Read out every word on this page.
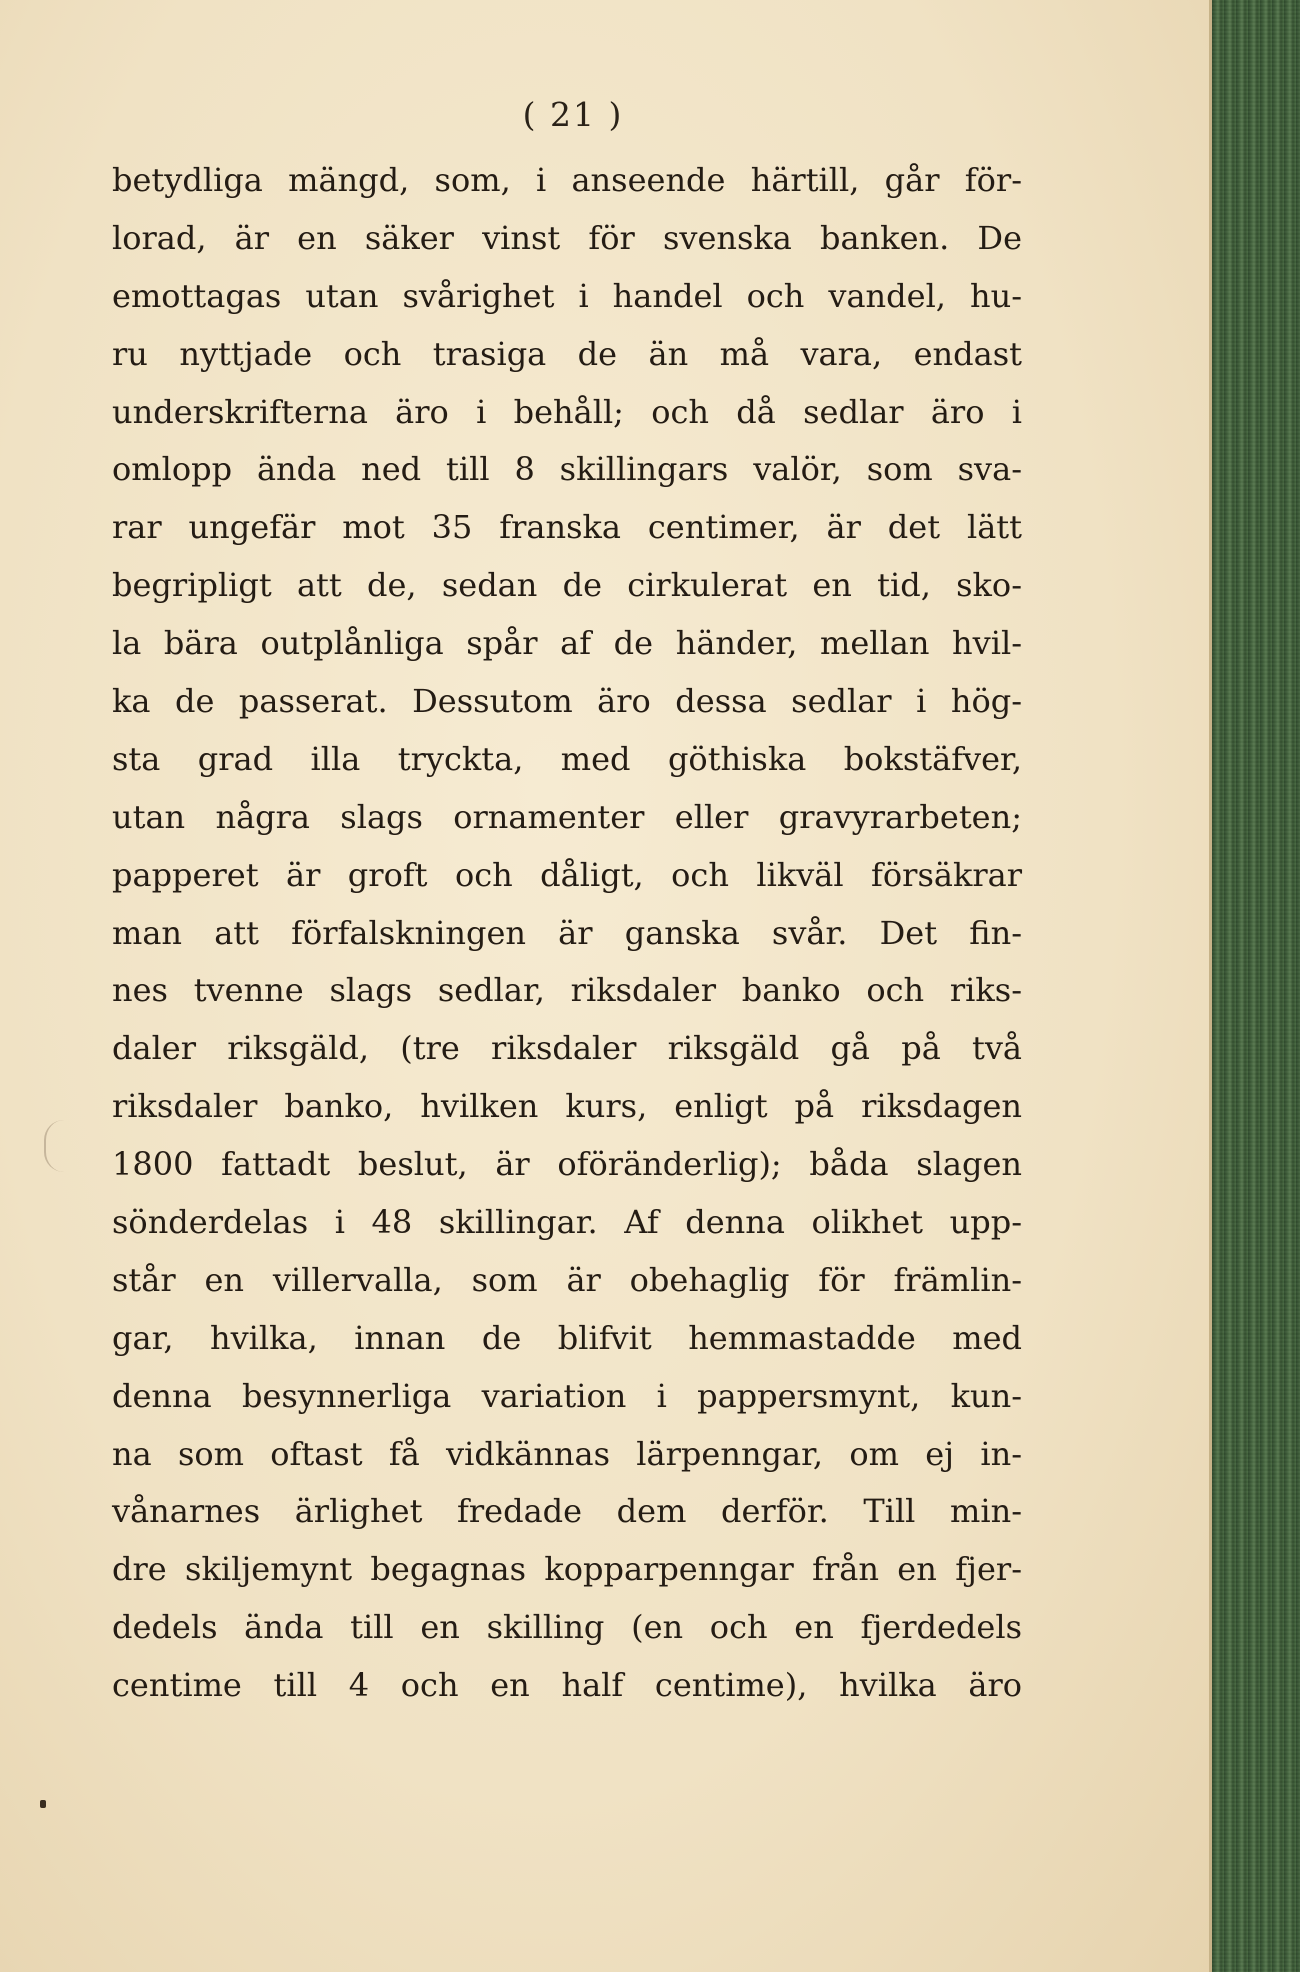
( 21 )
betydliga mängd, som, i anseende härtill, går för-
lorad, är en säker vinst för svenska banken. De
emottagas utan svårighet i handel och vandel, hu-
ru nyttjade och trasiga de än må vara, endast
underskrifterna äro i behåll; och då sedlar äro i
omlopp ända ned till 8 skillingars valör, som sva-
rar ungefär mot 35 franska centimer, är det lätt
begripligt att de, sedan de cirkulerat en tid, sko-
la bära outplånliga spår af de händer, mellan hvil-
ka de passerat. Dessutom äro dessa sedlar i hög-
sta grad illa tryckta, med göthiska bokstäfver,
utan några slags ornamenter eller gravyrarbeten;
papperet är groft och dåligt, och likväl försäkrar
man att förfalskningen är ganska svår. Det fin-
nes tvenne slags sedlar, riksdaler banko och riks-
daler riksgäld, (tre riksdaler riksgäld gå på två
riksdaler banko, hvilken kurs, enligt på riksdagen
1800 fattadt beslut, är oföränderlig); båda slagen
sönderdelas i 48 skillingar. Af denna olikhet upp-
står en villervalla, som är obehaglig för främlin-
gar, hvilka, innan de blifvit hemmastadde med
denna besynnerliga variation i pappersmynt, kun-
na som oftast få vidkännas lärpenngar, om ej in-
vånarnes ärlighet fredade dem derför. Till min-
dre skiljemynt begagnas kopparpenngar från en fjer-
dedels ända till en skilling (en och en fjerdedels
centime till 4 och en half centime), hvilka äro
